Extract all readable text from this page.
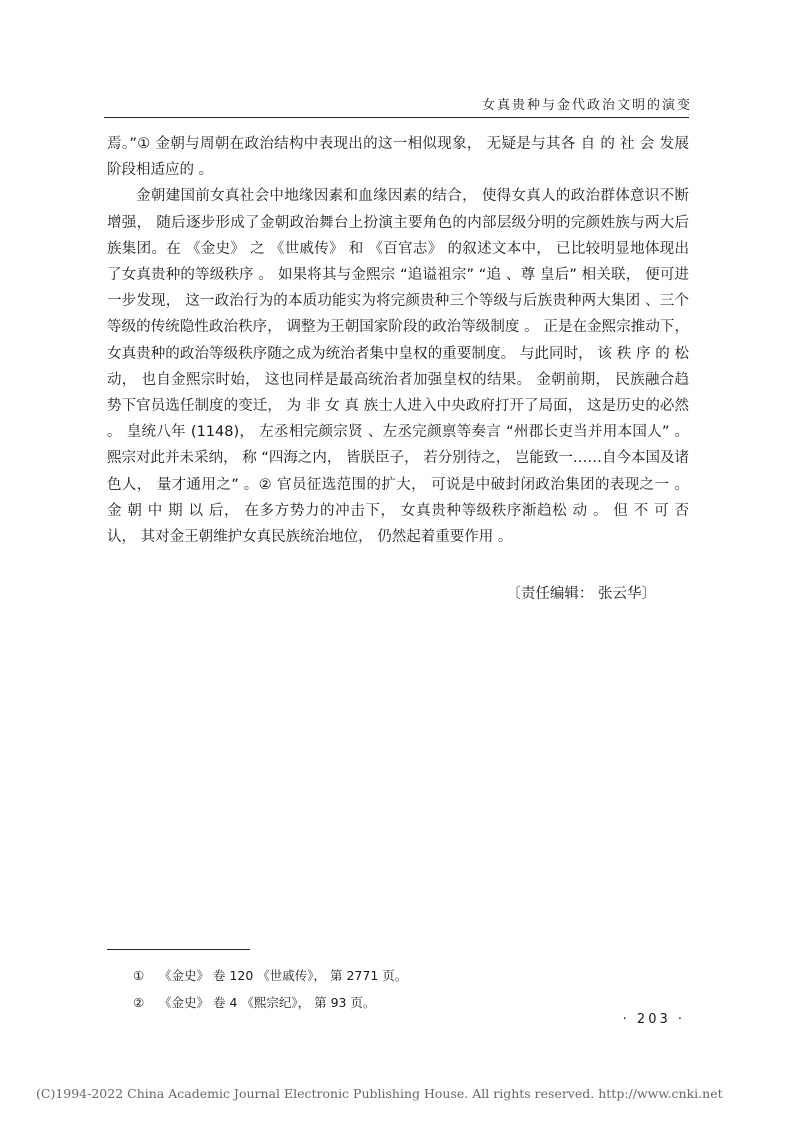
女真贵种与金代政治文明的演变

焉。”① 金朝与周朝在政治结构中表现出的这一相似现象， 无疑是与其各 自 的 社 会 发展阶段相适应的 。

金朝建国前女真社会中地缘因素和血缘因素的结合， 使得女真人的政治群体意识不断增强， 随后逐步形成了金朝政治舞台上扮演主要角色的内部层级分明的完颜姓族与两大后族集团。在 《金史》 之 《世戚传》 和 《百官志》 的叙述文本中， 已比较明显地体现出了女真贵种的等级秩序 。 如果将其与金熙宗 “追谥祖宗” “追 、尊 皇后” 相关联， 便可进一步发现， 这一政治行为的本质功能实为将完颜贵种三个等级与后族贵种两大集团 、三个等级的传统隐性政治秩序， 调整为王朝国家阶段的政治等级制度 。 正是在金熙宗推动下， 女真贵种的政治等级秩序随之成为统治者集中皇权的重要制度。 与此同时， 该 秩 序 的 松 动， 也自金熙宗时始， 这也同样是最高统治者加强皇权的结果。 金朝前期， 民族融合趋势下官员选任制度的变迁， 为 非 女 真 族士人进入中央政府打开了局面， 这是历史的必然 。 皇统八年 (1148)， 左丞相完颜宗贤 、左丞完颜禀等奏言 “州郡长吏当并用本国人” 。熙宗对此并未采纳， 称 “四海之内， 皆朕臣子， 若分别待之， 岂能致一……自今本国及诸色人， 量才通用之” 。② 官员征选范围的扩大， 可说是中破封闭政治集团的表现之一 。 金 朝 中 期 以 后， 在多方势力的冲击下， 女真贵种等级秩序渐趋松 动 。 但 不 可 否 认， 其对金王朝维护女真民族统治地位， 仍然起着重要作用 。

〔责任编辑： 张云华〕
① 《金史》 卷 120 《世戚传》， 第 2771 页。
② 《金史》 卷 4 《熙宗纪》， 第 93 页。
· 203 ·
(C)1994-2022 China Academic Journal Electronic Publishing House. All rights reserved. http://www.cnki.net
